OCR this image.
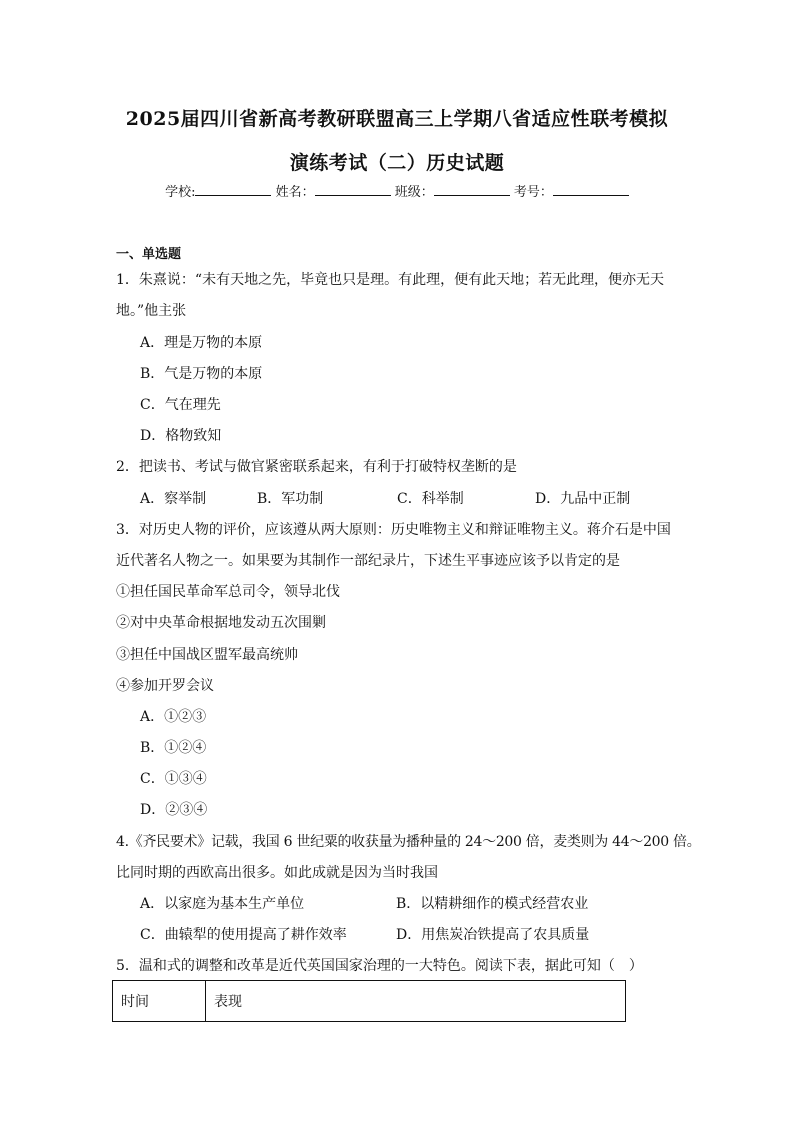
2025届四川省新高考教研联盟高三上学期八省适应性联考模拟
演练考试（二）历史试题
学校:	姓名：	班级：	考号：
一、单选题
1．朱熹说：“未有天地之先，毕竟也只是理。有此理，便有此天地；若无此理，便亦无天
地。”他主张
A．理是万物的本原
B．气是万物的本原
C．气在理先
D．格物致知
2．把读书、考试与做官紧密联系起来，有利于打破特权垄断的是
A．察举制	B．军功制	C．科举制	D．九品中正制
3．对历史人物的评价，应该遵从两大原则：历史唯物主义和辩证唯物主义。蒋介石是中国
近代著名人物之一。如果要为其制作一部纪录片，下述生平事迹应该予以肯定的是
①担任国民革命军总司令，领导北伐
②对中央革命根据地发动五次围剿
③担任中国战区盟军最高统帅
④参加开罗会议
A．①②③
B．①②④
C．①③④
D．②③④
4.《齐民要术》记载，我国 6 世纪粟的收获量为播种量的 24～200 倍，麦类则为 44～200 倍。
比同时期的西欧高出很多。如此成就是因为当时我国
A．以家庭为基本生产单位	B．以精耕细作的模式经营农业
C．曲辕犁的使用提高了耕作效率	D．用焦炭冶铁提高了农具质量
5．温和式的调整和改革是近代英国国家治理的一大特色。阅读下表，据此可知（　）
时间	表现
